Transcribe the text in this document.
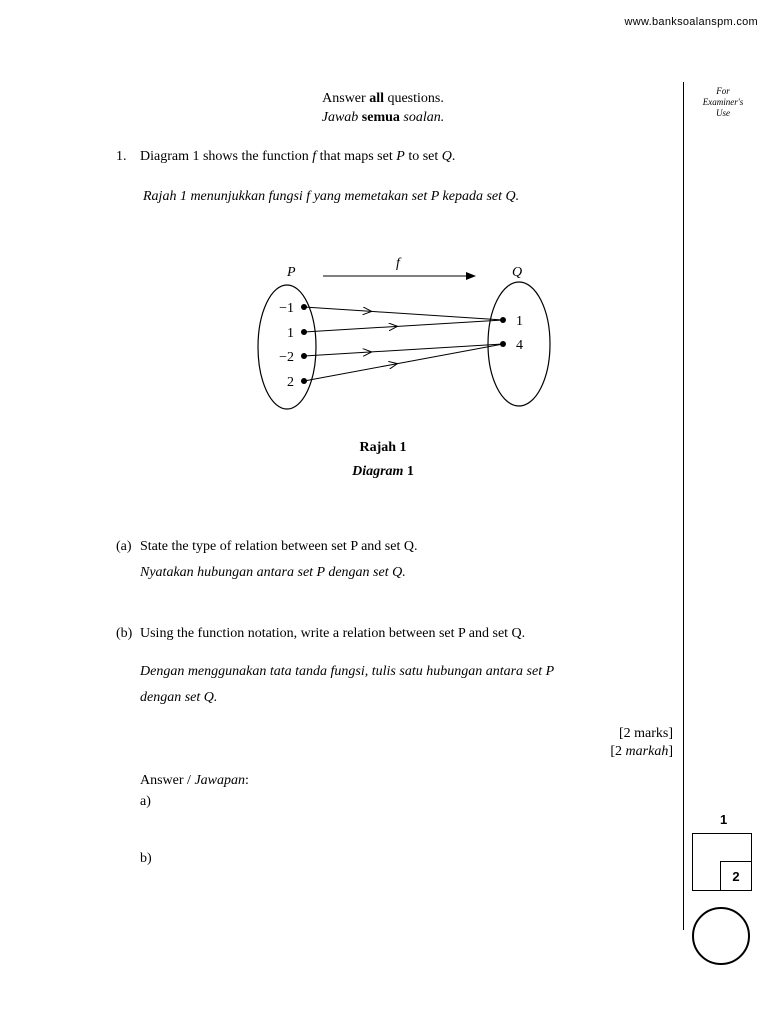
www.banksoalanspm.com
Answer all questions.
Jawab semua soalan.
1. Diagram 1 shows the function f that maps set P to set Q.
Rajah 1 menunjukkan fungsi f yang memetakan set P kepada set Q.
f
P	Q
−1
1
−2
2
1
4
Rajah 1
Diagram 1
(a) State the type of relation between set P and set Q.
Nyatakan hubungan antara set P dengan set Q.
(b) Using the function notation, write a relation between set P and set Q.
Dengan menggunakan tata tanda fungsi, tulis satu hubungan antara set P
dengan set Q.
[2 marks]
[2 markah]
Answer / Jawapan:
a)
b)
For
Examiner's
Use
1
2
